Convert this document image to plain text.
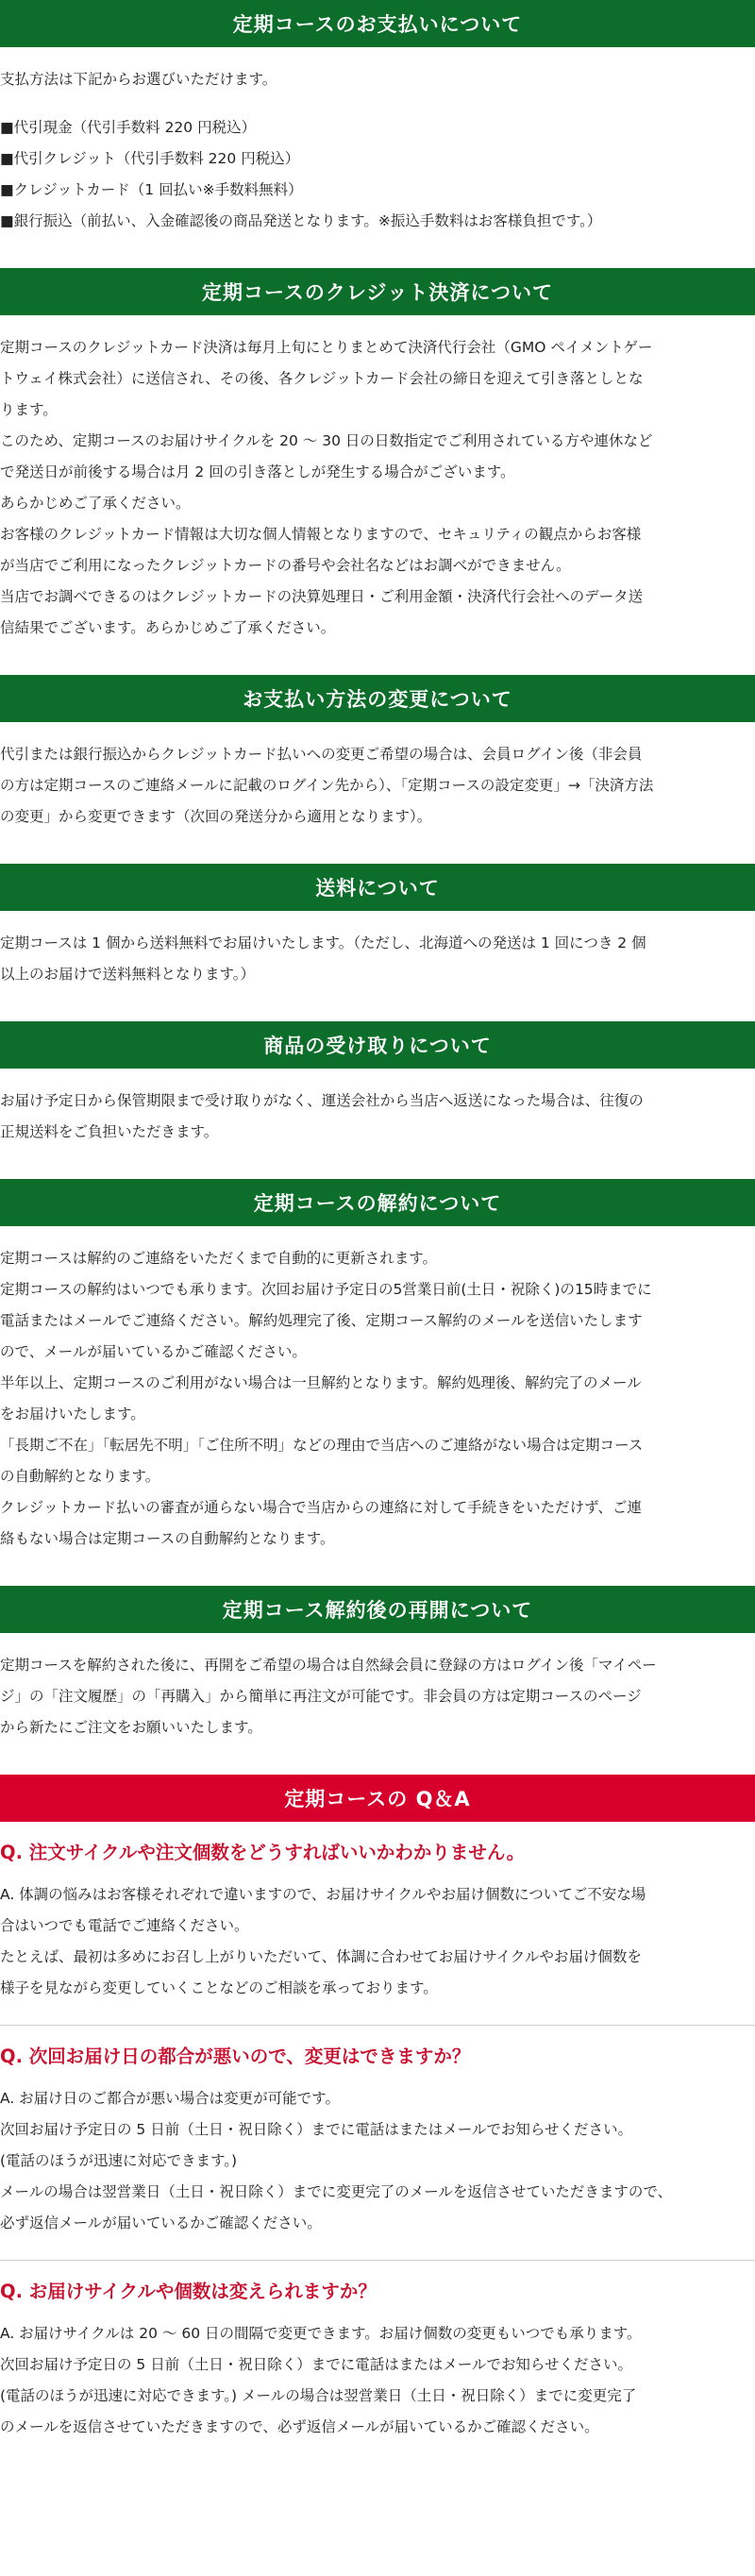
定期コースのお支払いについて

支払方法は下記からお選びいただけます。

■代引現金（代引手数料 220 円税込）

■代引クレジット（代引手数料 220 円税込）

■クレジットカード（1 回払い※手数料無料）

■銀行振込（前払い、入金確認後の商品発送となります。※振込手数料はお客様負担です。）

定期コースのクレジット決済について

定期コースのクレジットカード決済は毎月上旬にとりまとめて決済代行会社（GMO ペイメントゲー

トウェイ株式会社）に送信され、その後、各クレジットカード会社の締日を迎えて引き落としとな

ります。

このため、定期コースのお届けサイクルを 20 ～ 30 日の日数指定でご利用されている方や連休など

で発送日が前後する場合は月 2 回の引き落としが発生する場合がございます。

あらかじめご了承ください。

お客様のクレジットカード情報は大切な個人情報となりますので、セキュリティの観点からお客様

が当店でご利用になったクレジットカードの番号や会社名などはお調べができません。

当店でお調べできるのはクレジットカードの決算処理日・ご利用金額・決済代行会社へのデータ送

信結果でございます。あらかじめご了承ください。

お支払い方法の変更について

代引または銀行振込からクレジットカード払いへの変更ご希望の場合は、会員ログイン後（非会員

の方は定期コースのご連絡メールに記載のログイン先から）、「定期コースの設定変更」→「決済方法

の変更」から変更できます（次回の発送分から適用となります）。

送料について

定期コースは 1 個から送料無料でお届けいたします。（ただし、北海道への発送は 1 回につき 2 個

以上のお届けで送料無料となります。）

商品の受け取りについて

お届け予定日から保管期限まで受け取りがなく、運送会社から当店へ返送になった場合は、往復の

正規送料をご負担いただきます。

定期コースの解約について

定期コースは解約のご連絡をいただくまで自動的に更新されます。

定期コースの解約はいつでも承ります。次回お届け予定日の5営業日前(土日・祝除く)の15時までに

電話またはメールでご連絡ください。解約処理完了後、定期コース解約のメールを送信いたします

ので、メールが届いているかご確認ください。

半年以上、定期コースのご利用がない場合は一旦解約となります。解約処理後、解約完了のメール

をお届けいたします。

「長期ご不在」「転居先不明」「ご住所不明」などの理由で当店へのご連絡がない場合は定期コース

の自動解約となります。

クレジットカード払いの審査が通らない場合で当店からの連絡に対して手続きをいただけず、ご連

絡もない場合は定期コースの自動解約となります。

定期コース解約後の再開について

定期コースを解約された後に、再開をご希望の場合は自然緑会員に登録の方はログイン後「マイペー

ジ」の「注文履歴」の「再購入」から簡単に再注文が可能です。非会員の方は定期コースのページ

から新たにご注文をお願いいたします。

定期コースの Q＆A
Q. 注文サイクルや注文個数をどうすればいいかわかりません。

A. 体調の悩みはお客様それぞれで違いますので、お届けサイクルやお届け個数についてご不安な場

合はいつでも電話でご連絡ください。

たとえば、最初は多めにお召し上がりいただいて、体調に合わせてお届けサイクルやお届け個数を

様子を見ながら変更していくことなどのご相談を承っております。

Q. 次回お届け日の都合が悪いので、変更はできますか？

A. お届け日のご都合が悪い場合は変更が可能です。

次回お届け予定日の 5 日前（土日・祝日除く）までに電話はまたはメールでお知らせください。

(電話のほうが迅速に対応できます。)

メールの場合は翌営業日（土日・祝日除く）までに変更完了のメールを返信させていただきますので、

必ず返信メールが届いているかご確認ください。

Q. お届けサイクルや個数は変えられますか？

A. お届けサイクルは 20 ～ 60 日の間隔で変更できます。お届け個数の変更もいつでも承ります。

次回お届け予定日の 5 日前（土日・祝日除く）までに電話はまたはメールでお知らせください。

(電話のほうが迅速に対応できます。) メールの場合は翌営業日（土日・祝日除く）までに変更完了

のメールを返信させていただきますので、必ず返信メールが届いているかご確認ください。
